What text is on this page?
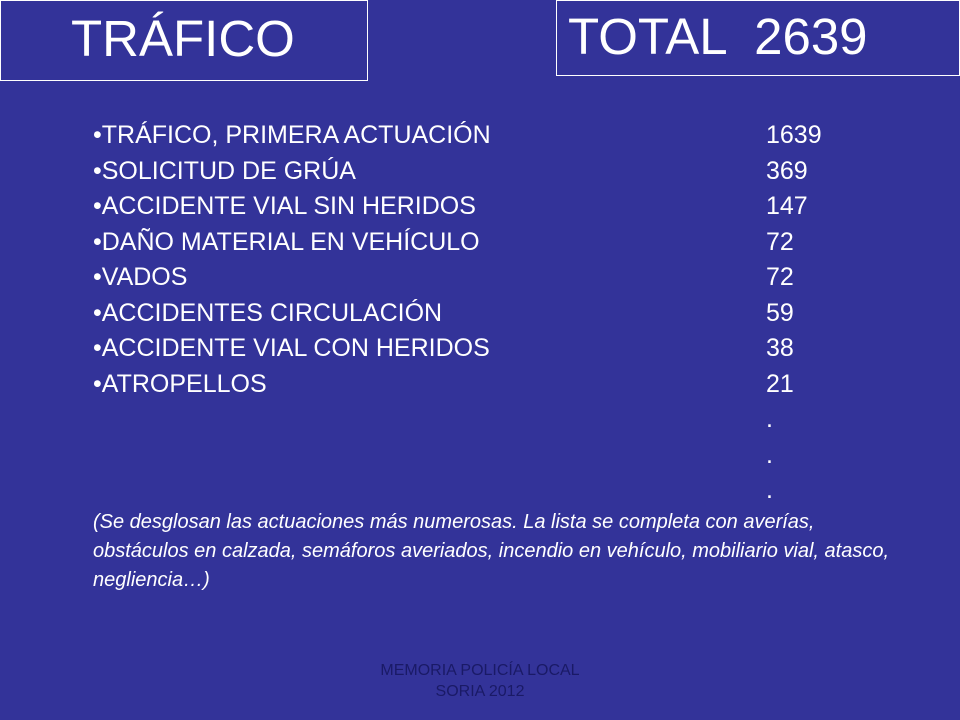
TRÁFICO	TOTAL  2639
•TRÁFICO, PRIMERA ACTUACIÓN	1639
•SOLICITUD DE GRÚA	369
•ACCIDENTE VIAL SIN HERIDOS	147
•DAÑO MATERIAL EN VEHÍCULO	72
•VADOS	72
•ACCIDENTES CIRCULACIÓN	59
•ACCIDENTE VIAL CON HERIDOS	38
•ATROPELLOS	21
.
.
.
(Se desglosan las actuaciones más numerosas. La lista se completa con averías, obstáculos en calzada, semáforos averiados, incendio en vehículo, mobiliario vial, atasco, negliencia…)
MEMORIA POLICÍA LOCAL
SORIA 2012
